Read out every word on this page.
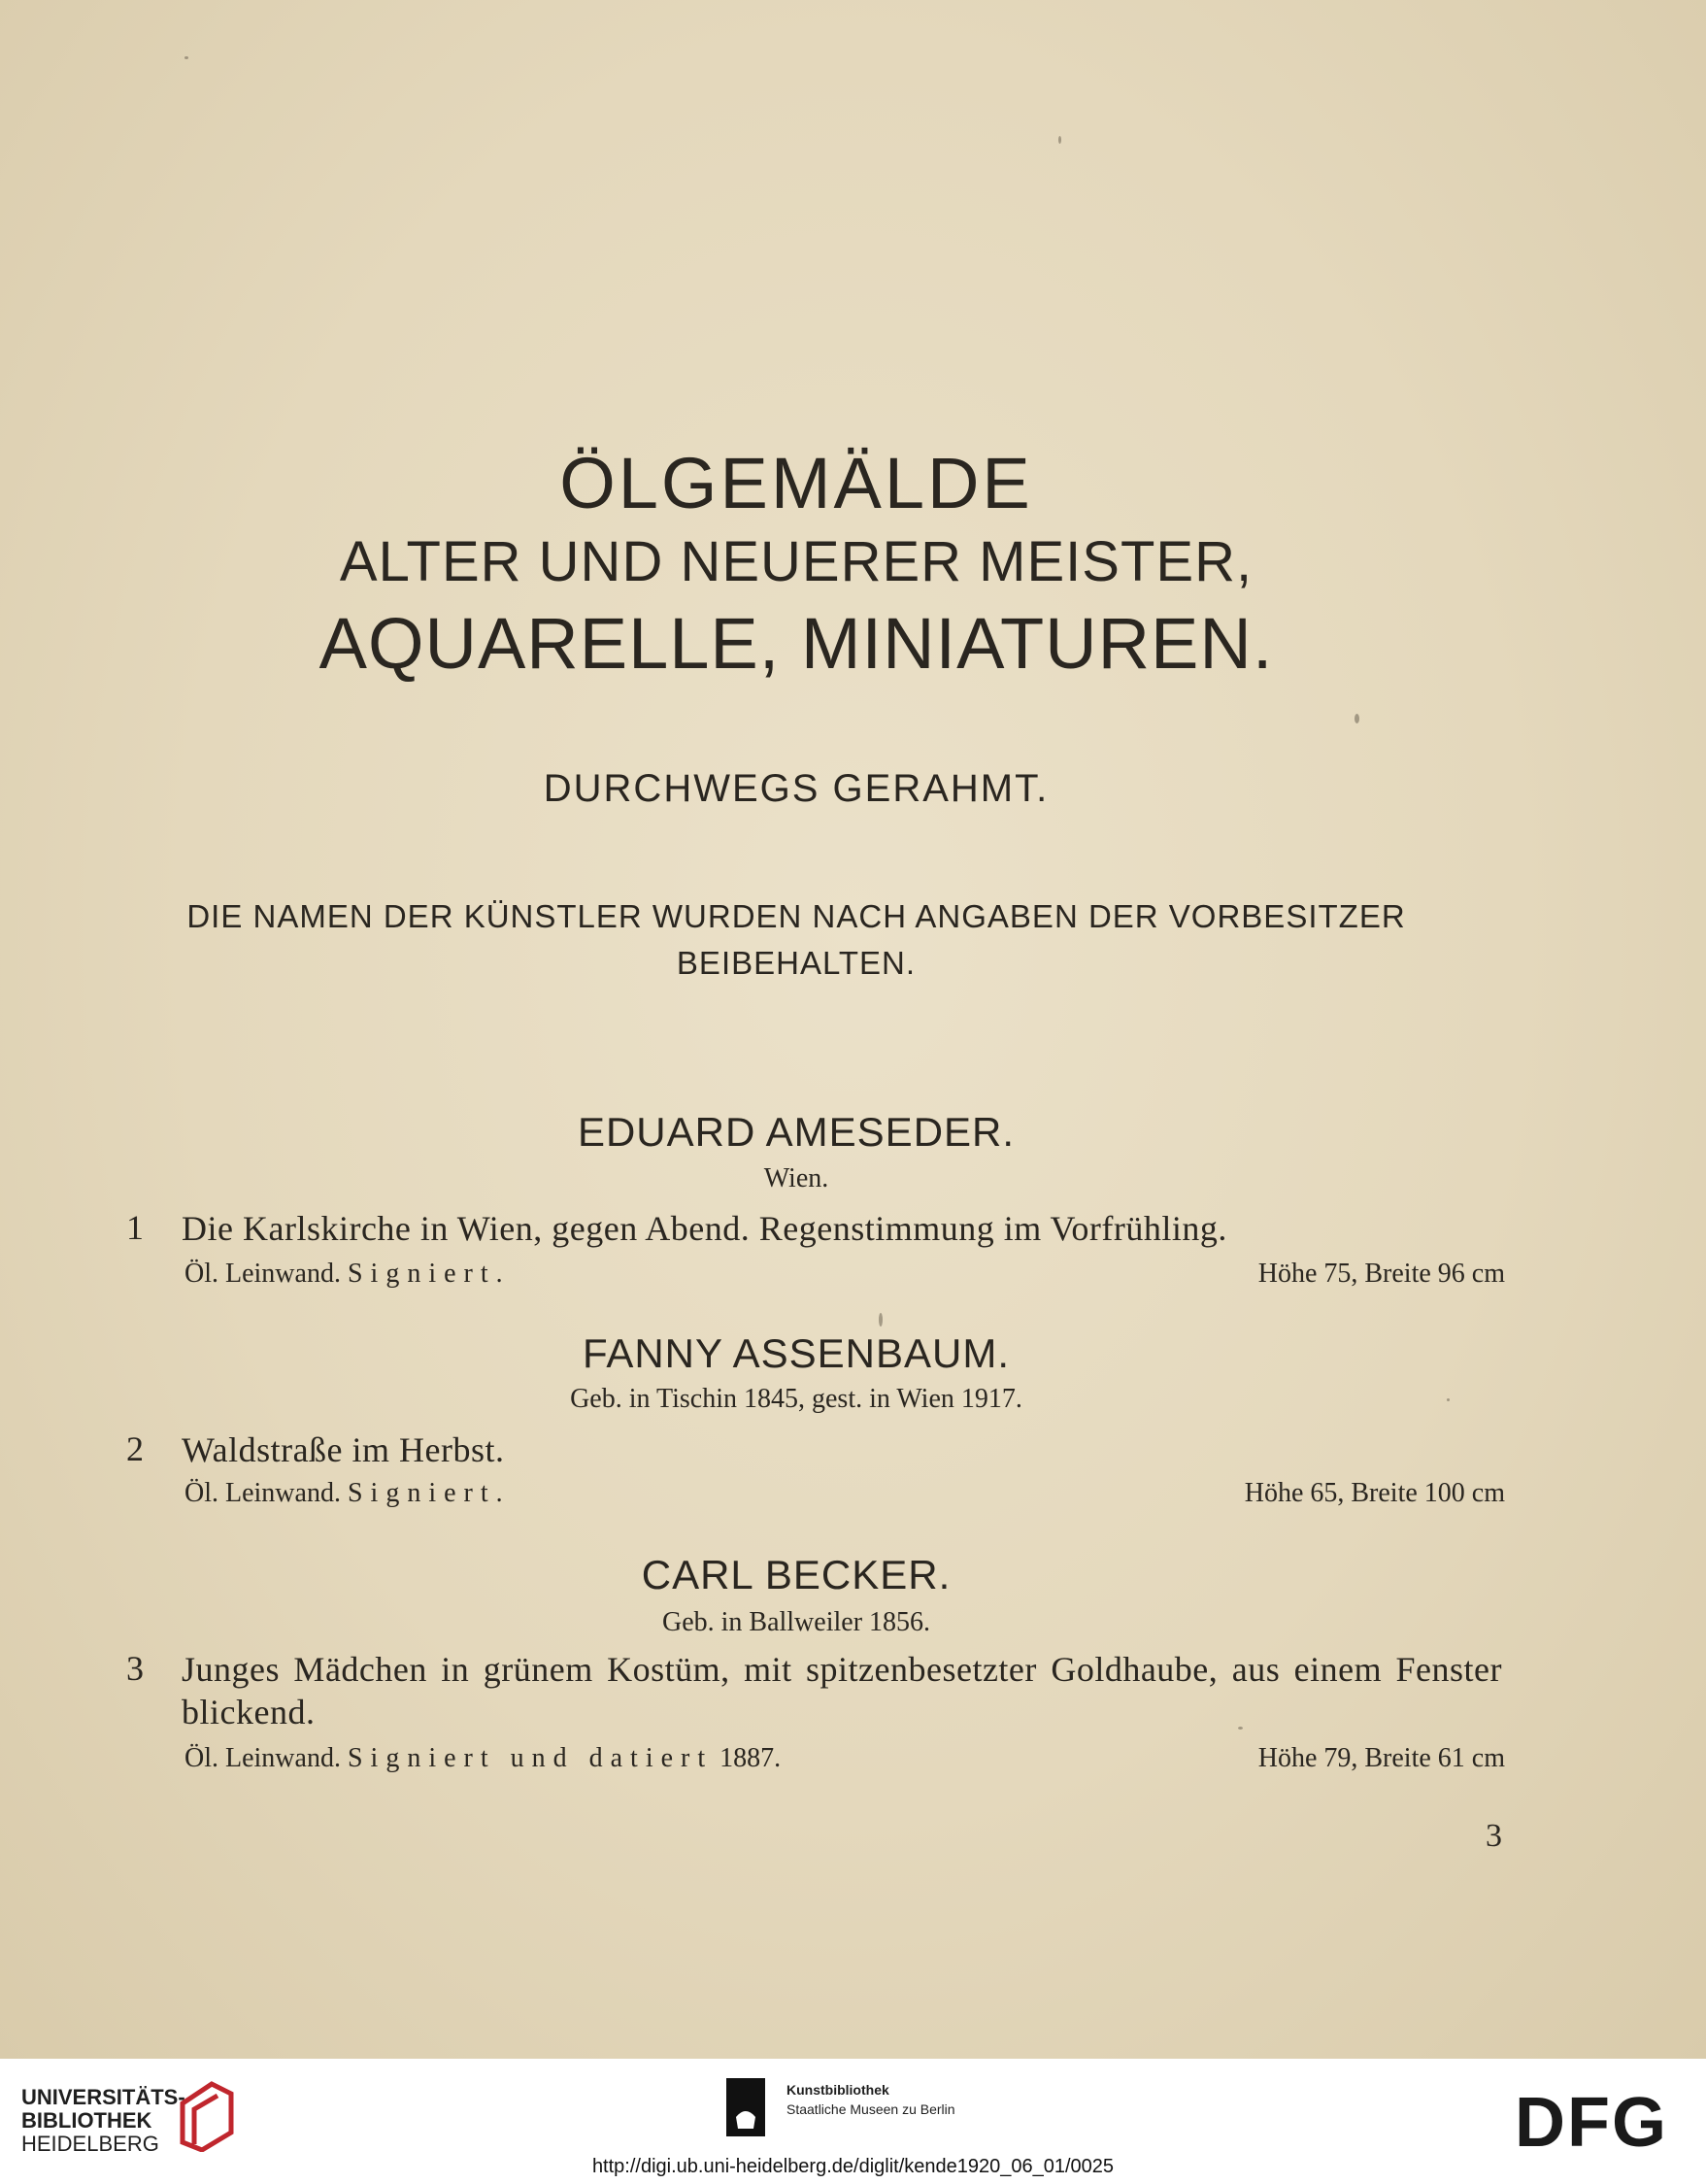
ÖLGEMÄLDE
ALTER UND NEUERER MEISTER,
AQUARELLE, MINIATUREN.
DURCHWEGS GERAHMT.
DIE NAMEN DER KÜNSTLER WURDEN NACH ANGABEN DER VORBESITZER
BEIBEHALTEN.
EDUARD AMESEDER.
Wien.
1 Die Karlskirche in Wien, gegen Abend. Regenstimmung im Vorfrühling.
Öl. Leinwand. Signiert.	Höhe 75, Breite 96 cm
FANNY ASSENBAUM.
Geb. in Tischin 1845, gest. in Wien 1917.
2 Waldstraße im Herbst.
Öl. Leinwand. Signiert.	Höhe 65, Breite 100 cm
CARL BECKER.
Geb. in Ballweiler 1856.
3 Junges Mädchen in grünem Kostüm, mit spitzenbesetzter Goldhaube, aus einem Fenster blickend.
Öl. Leinwand. Signiert und datiert 1887.	Höhe 79, Breite 61 cm
3
UNIVERSITÄTS-
BIBLIOTHEK
HEIDELBERG
Kunstbibliothek
Staatliche Museen zu Berlin	DFG
http://digi.ub.uni-heidelberg.de/diglit/kende1920_06_01/0025
